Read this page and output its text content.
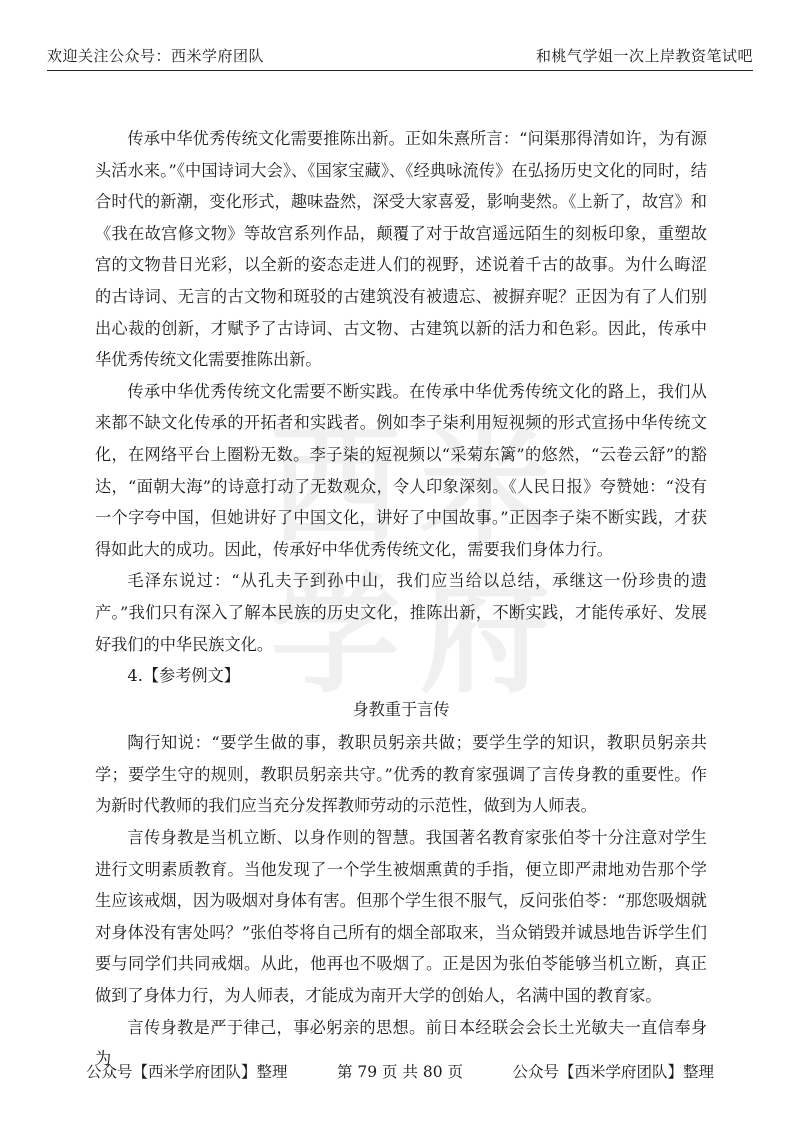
欢迎关注公众号：西米学府团队	和桃气学姐一次上岸教资笔试吧
西 米
学 府

传承中华优秀传统文化需要推陈出新。正如朱熹所言：“问渠那得清如许，为有源头活水来。”《中国诗词大会》、《国家宝藏》、《经典咏流传》在弘扬历史文化的同时，结合时代的新潮，变化形式，趣味盎然，深受大家喜爱，影响斐然。《上新了，故宫》和《我在故宫修文物》等故宫系列作品，颠覆了对于故宫遥远陌生的刻板印象，重塑故宫的文物昔日光彩，以全新的姿态走进人们的视野，述说着千古的故事。为什么晦涩的古诗词、无言的古文物和斑驳的古建筑没有被遗忘、被摒弃呢？正因为有了人们别出心裁的创新，才赋予了古诗词、古文物、古建筑以新的活力和色彩。因此，传承中华优秀传统文化需要推陈出新。

传承中华优秀传统文化需要不断实践。在传承中华优秀传统文化的路上，我们从来都不缺文化传承的开拓者和实践者。例如李子柒利用短视频的形式宣扬中华传统文化，在网络平台上圈粉无数。李子柒的短视频以“采菊东篱”的悠然，“云卷云舒”的豁达，“面朝大海”的诗意打动了无数观众，令人印象深刻。《人民日报》夸赞她：“没有一个字夸中国，但她讲好了中国文化，讲好了中国故事。”正因李子柒不断实践，才获得如此大的成功。因此，传承好中华优秀传统文化，需要我们身体力行。

毛泽东说过：“从孔夫子到孙中山，我们应当给以总结，承继这一份珍贵的遗产。”我们只有深入了解本民族的历史文化，推陈出新，不断实践，才能传承好、发展好我们的中华民族文化。

4.【参考例文】

身教重于言传

陶行知说：“要学生做的事，教职员躬亲共做；要学生学的知识，教职员躬亲共学；要学生守的规则，教职员躬亲共守。”优秀的教育家强调了言传身教的重要性。作为新时代教师的我们应当充分发挥教师劳动的示范性，做到为人师表。

言传身教是当机立断、以身作则的智慧。我国著名教育家张伯苓十分注意对学生进行文明素质教育。当他发现了一个学生被烟熏黄的手指，便立即严肃地劝告那个学生应该戒烟，因为吸烟对身体有害。但那个学生很不服气，反问张伯苓：“那您吸烟就对身体没有害处吗？”张伯苓将自己所有的烟全部取来，当众销毁并诚恳地告诉学生们要与同学们共同戒烟。从此，他再也不吸烟了。正是因为张伯苓能够当机立断，真正做到了身体力行，为人师表，才能成为南开大学的创始人，名满中国的教育家。

言传身教是严于律己，事必躬亲的思想。前日本经联会会长土光敏夫一直信奉身为

公众号【西米学府团队】整理	第 79 页 共 80 页	公众号【西米学府团队】整理
